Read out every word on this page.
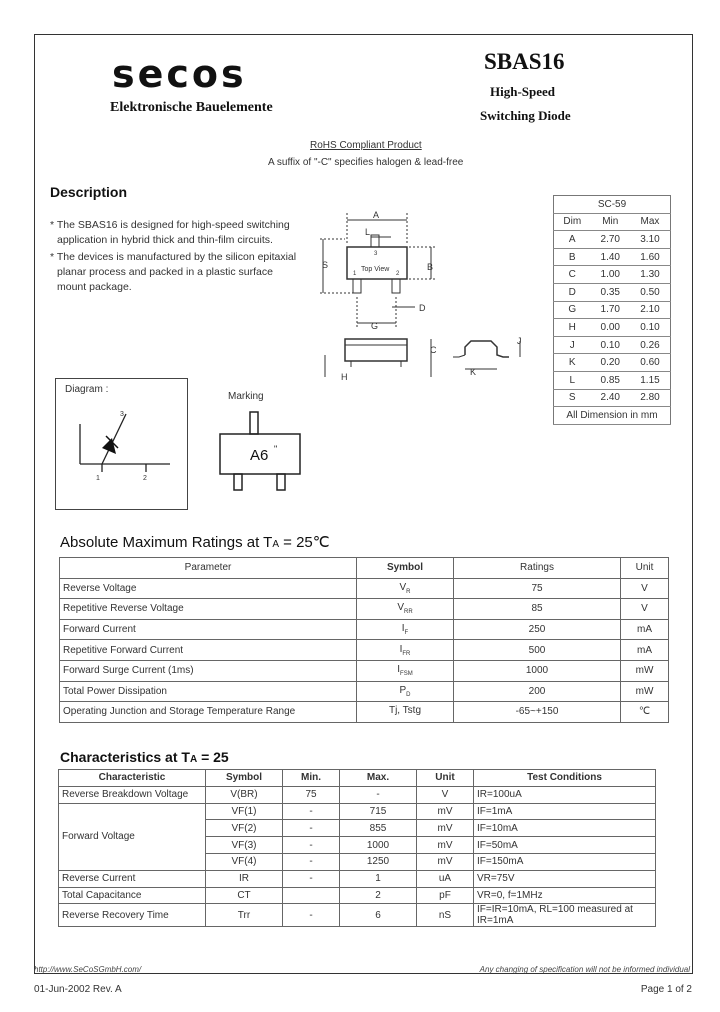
secos
Elektronische Bauelemente
SBAS16
High-Speed
Switching Diode
RoHS Compliant Product
A suffix of "-C" specifies halogen & lead-free
Description
* The SBAS16 is designed for high-speed switching
application in hybrid thick and thin-film circuits.
* The devices is manufactured by the silicon epitaxial
planar process and packed in a plastic surface
mount package.
A
L
S	B
D
G
H
C
J
K
Top View
3
1	2
SC-59		
Dim	Min	Max
A	2.70	3.10
B	1.40	1.60
C	1.00	1.30
D	0.35	0.50
G	1.70	2.10
H	0.00	0.10
J	0.10	0.26
K	0.20	0.60
L	0.85	1.15
S	2.40	2.80
All Dimension in mm		
Diagram :
3
1	2
Marking
A6 "
Absolute Maximum Ratings at TA = 25℃
Parameter	Symbol	Ratings	Unit
Reverse Voltage	$V_R$	75	V
Repetitive Reverse Voltage	$V_{RR}$	85	V
Forward Current	$I_F$	250	mA
Repetitive Forward Current	$I_{FR}$	500	mA
Forward Surge Current (1ms)	$I_{FSM}$	1000	mW
Total Power Dissipation	$P_D$	200	mW
Operating Junction and Storage Temperature Range	Tj, Tstg	-65~+150	℃
Characteristics at TA = 25
Characteristic	Symbol	Min.	Max.	Unit	Test Conditions
Reverse Breakdown Voltage	V(BR)	75	-	V	IR=100uA
Forward Voltage	VF(1)	-	715	mV	IF=1mA
	VF(2)	-	855	mV	IF=10mA
	VF(3)	-	1000	mV	IF=50mA
	VF(4)	-	1250	mV	IF=150mA
Reverse Current	IR	-	1	uA	VR=75V
Total Capacitance	CT		2	pF	VR=0, f=1MHz
Reverse Recovery Time	Trr	-	6	nS	IF=IR=10mA, RL=100 measured at IR=1mA
http://www.SeCoSGmbH.com/	Any changing of specification will not be informed individual
01-Jun-2002 Rev. A	Page 1 of 2
